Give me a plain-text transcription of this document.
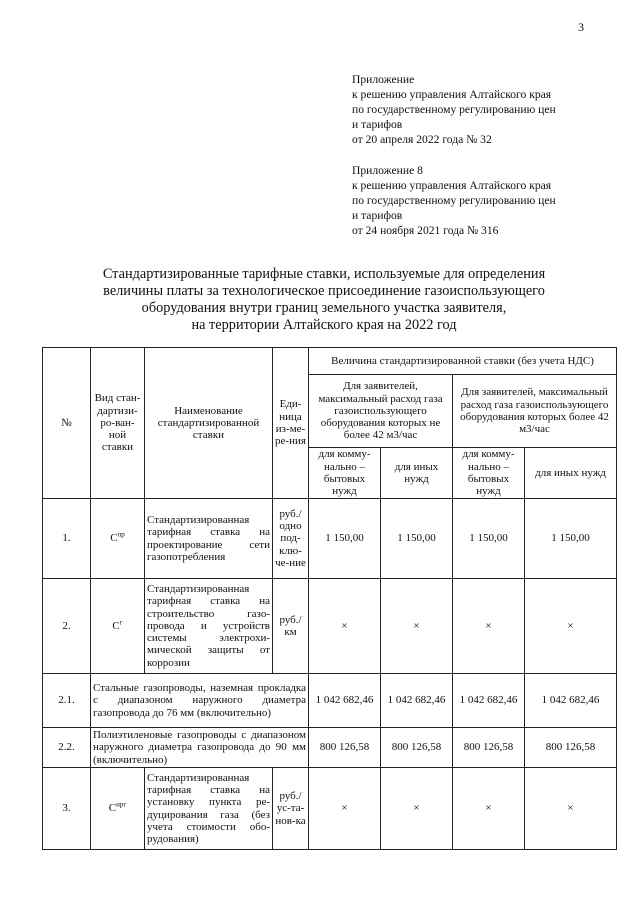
3
Приложение
к решению управления Алтайского края
по государственному регулированию цен
и тарифов
от 20 апреля 2022 года № 32
Приложение 8
к решению управления Алтайского края
по государственному регулированию цен
и тарифов
от 24 ноября 2021 года № 316
Стандартизированные тарифные ставки, используемые для определения
величины платы за технологическое присоединение газоиспользующего
оборудования внутри границ земельного участка заявителя,
на территории Алтайского края на 2022 год
№	Вид стан-дартизи-ро-ван-ной ставки	Наименование стандартизированной ставки	Еди-ница из-ме-ре-ния	Величина стандартизированной ставки (без учета НДС)			
				Для заявителей, максимальный расход газа газоиспользующего оборудования которых не более 42 м3/час		Для заявителей, максимальный расход газа газоиспользующего оборудования которых более 42 м3/час	
				для комму-нально – бытовых нужд	для иных нужд	для комму-нально – бытовых нужд	для иных нужд
1.	$С^{пр}$	Стандартизированная тарифная ставка на проектирование сети газопотребления	руб./ одно под-клю-че-ние	1 150,00	1 150,00	1 150,00	1 150,00
2.	$С^г$	Стандартизированная тарифная ставка на строительство газо-провода и устройств системы электрохи-мической защиты от коррозии	руб./ км	×	×	×	×
2.1.	Стальные газопроводы, наземная прокладка с диапазоном наружного диаметра газопровода до 76 мм (включительно)			1 042 682,46	1 042 682,46	1 042 682,46	1 042 682,46
2.2.	Полиэтиленовые газопроводы с диапазоном наружного диаметра газопровода до 90 мм (включительно)			800 126,58	800 126,58	800 126,58	800 126,58
3.	$С^{ирг}$	Стандартизированная тарифная ставка на установку пункта ре-дуцирования газа (без учета стоимости обо-рудования)	руб./ ус-та-нов-ка	×	×	×	×
